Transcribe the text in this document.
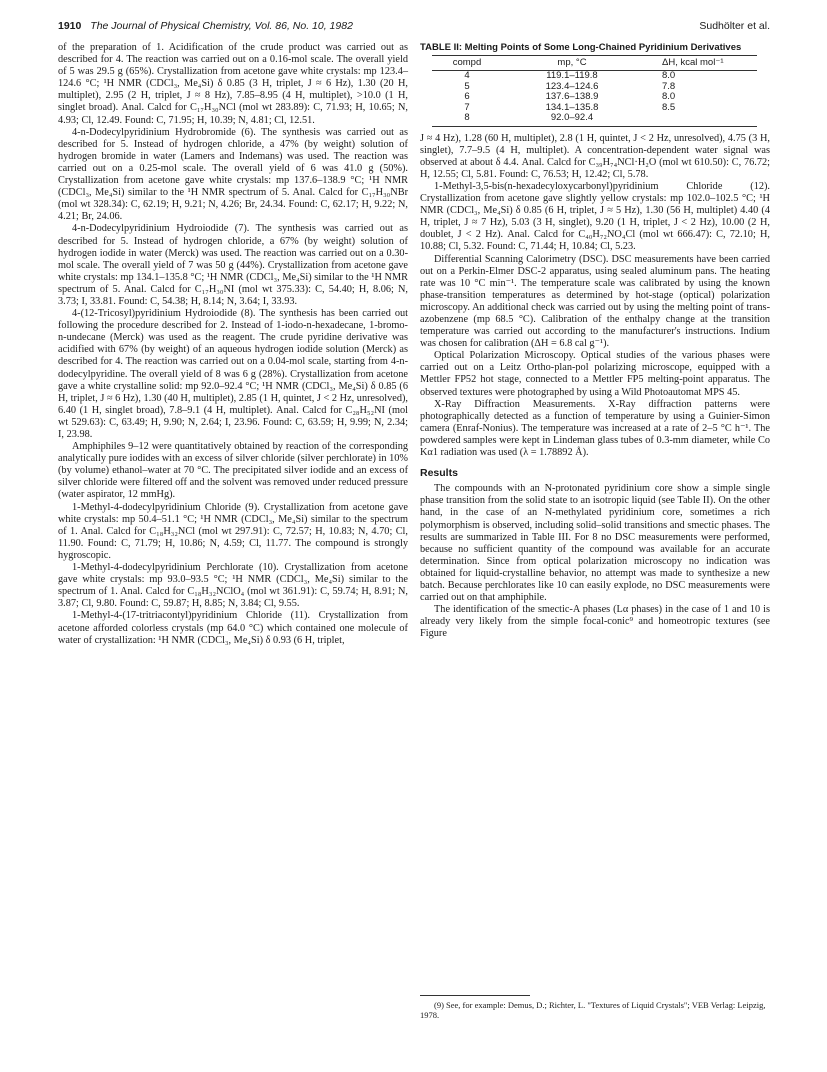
1910 The Journal of Physical Chemistry, Vol. 86, No. 10, 1982	Sudhölter et al.

of the preparation of 1. Acidification of the crude product was carried out as described for 4. The reaction was carried out on a 0.16-mol scale. The overall yield of 5 was 29.5 g (65%). Crystallization from acetone gave white crystals: mp 123.4–124.6 °C; ¹H NMR (CDCl₃, Me₄Si) δ 0.85 (3 H, triplet, J ≈ 6 Hz), 1.30 (20 H, multiplet), 2.95 (2 H, triplet, J ≈ 8 Hz), 7.85–8.95 (4 H, multiplet), >10.0 (1 H, singlet broad). Anal. Calcd for C₁₇H₃₀NCl (mol wt 283.89): C, 71.93; H, 10.65; N, 4.93; Cl, 12.49. Found: C, 71.95; H, 10.39; N, 4.81; Cl, 12.51.

4-n-Dodecylpyridinium Hydrobromide (6). The synthesis was carried out as described for 5. Instead of hydrogen chloride, a 47% (by weight) solution of hydrogen bromide in water (Lamers and Indemans) was used. The reaction was carried out on a 0.25-mol scale. The overall yield of 6 was 41.0 g (50%). Crystallization from acetone gave white crystals: mp 137.6–138.9 °C; ¹H NMR (CDCl₃, Me₄Si) similar to the ¹H NMR spectrum of 5. Anal. Calcd for C₁₇H₃₀NBr (mol wt 328.34): C, 62.19; H, 9.21; N, 4.26; Br, 24.34. Found: C, 62.17; H, 9.22; N, 4.21; Br, 24.06.

4-n-Dodecylpyridinium Hydroiodide (7). The synthesis was carried out as described for 5. Instead of hydrogen chloride, a 67% (by weight) solution of hydrogen iodide in water (Merck) was used. The reaction was carried out on a 0.30-mol scale. The overall yield of 7 was 50 g (44%). Crystallization from acetone gave white crystals: mp 134.1–135.8 °C; ¹H NMR (CDCl₃, Me₄Si) similar to the ¹H NMR spectrum of 5. Anal. Calcd for C₁₇H₃₀NI (mol wt 375.33): C, 54.40; H, 8.06; N, 3.73; I, 33.81. Found: C, 54.38; H, 8.14; N, 3.64; I, 33.93.

4-(12-Tricosyl)pyridinium Hydroiodide (8). The synthesis has been carried out following the procedure described for 2. Instead of 1-iodo-n-hexadecane, 1-bromo-n-undecane (Merck) was used as the reagent. The crude pyridine derivative was acidified with 67% (by weight) of an aqueous hydrogen iodide solution (Merck) as described for 4. The reaction was carried out on a 0.04-mol scale, starting from 4-n-dodecylpyridine. The overall yield of 8 was 6 g (28%). Crystallization from acetone gave a white crystalline solid: mp 92.0–92.4 °C; ¹H NMR (CDCl₃, Me₄Si) δ 0.85 (6 H, triplet, J ≈ 6 Hz), 1.30 (40 H, multiplet), 2.85 (1 H, quintet, J < 2 Hz, unresolved), 6.40 (1 H, singlet broad), 7.8–9.1 (4 H, multiplet). Anal. Calcd for C₂₈H₅₂NI (mol wt 529.63): C, 63.49; H, 9.90; N, 2.64; I, 23.96. Found: C, 63.59; H, 9.99; N, 2.34; I, 23.98.

Amphiphiles 9–12 were quantitatively obtained by reaction of the corresponding analytically pure iodides with an excess of silver chloride (silver perchlorate) in 10% (by volume) ethanol–water at 70 °C. The precipitated silver iodide and an excess of silver chloride were filtered off and the solvent was removed under reduced pressure (water aspirator, 12 mmHg).

1-Methyl-4-dodecylpyridinium Chloride (9). Crystallization from acetone gave white crystals: mp 50.4–51.1 °C; ¹H NMR (CDCl₃, Me₄Si) similar to the spectrum of 1. Anal. Calcd for C₁₈H₃₂NCl (mol wt 297.91): C, 72.57; H, 10.83; N, 4.70; Cl, 11.90. Found: C, 71.79; H, 10.86; N, 4.59; Cl, 11.77. The compound is strongly hygroscopic.

1-Methyl-4-dodecylpyridinium Perchlorate (10). Crystallization from acetone gave white crystals: mp 93.0–93.5 °C; ¹H NMR (CDCl₃, Me₄Si) similar to the spectrum of 1. Anal. Calcd for C₁₈H₃₂NClO₄ (mol wt 361.91): C, 59.74; H, 8.91; N, 3.87; Cl, 9.80. Found: C, 59.87; H, 8.85; N, 3.84; Cl, 9.55.

1-Methyl-4-(17-tritriacontyl)pyridinium Chloride (11). Crystallization from acetone afforded colorless crystals (mp 64.0 °C) which contained one molecule of water of crystallization: ¹H NMR (CDCl₃, Me₄Si) δ 0.93 (6 H, triplet,

TABLE II: Melting Points of Some Long-Chained Pyridinium Derivatives
compd	mp, °C	ΔH, kcal mol⁻¹
4	119.1–119.8	8.0
5	123.4–124.6	7.8
6	137.6–138.9	8.0
7	134.1–135.8	8.5
8	92.0–92.4	

J ≈ 4 Hz), 1.28 (60 H, multiplet), 2.8 (1 H, quintet, J < 2 Hz, unresolved), 4.75 (3 H, singlet), 7.7–9.5 (4 H, multiplet). A concentration-dependent water signal was observed at about δ 4.4. Anal. Calcd for C₃₉H₇₄NCl·H₂O (mol wt 610.50): C, 76.72; H, 12.55; Cl, 5.81. Found: C, 76.53; H, 12.42; Cl, 5.78.

1-Methyl-3,5-bis(n-hexadecyloxycarbonyl)pyridinium Chloride (12). Crystallization from acetone gave slightly yellow crystals: mp 102.0–102.5 °C; ¹H NMR (CDCl₃, Me₄Si) δ 0.85 (6 H, triplet, J ≈ 5 Hz), 1.30 (56 H, multiplet) 4.40 (4 H, triplet, J ≈ 7 Hz), 5.03 (3 H, singlet), 9.20 (1 H, triplet, J < 2 Hz), 10.00 (2 H, doublet, J < 2 Hz). Anal. Calcd for C₄₀H₇₂NO₄Cl (mol wt 666.47): C, 72.10; H, 10.88; Cl, 5.32. Found: C, 71.44; H, 10.84; Cl, 5.23.

Differential Scanning Calorimetry (DSC). DSC measurements have been carried out on a Perkin-Elmer DSC-2 apparatus, using sealed aluminum pans. The heating rate was 10 °C min⁻¹. The temperature scale was calibrated by using the known phase-transition temperatures as determined by hot-stage (optical) polarization microscopy. An additional check was carried out by using the melting point of trans-azobenzene (mp 68.5 °C). Calibration of the enthalpy change at the transition temperature was carried out according to the manufacturer's instructions. Indium was chosen for calibration (ΔH = 6.8 cal g⁻¹).

Optical Polarization Microscopy. Optical studies of the various phases were carried out on a Leitz Ortho-plan-pol polarizing microscope, equipped with a Mettler FP52 hot stage, connected to a Mettler FP5 melting-point apparatus. The observed textures were photographed by using a Wild Photoautomat MPS 45.

X-Ray Diffraction Measurements. X-Ray diffraction patterns were photographically detected as a function of temperature by using a Guinier-Simon camera (Enraf-Nonius). The temperature was increased at a rate of 2–5 °C h⁻¹. The powdered samples were kept in Lindeman glass tubes of 0.3-mm diameter, while Co Kα1 radiation was used (λ = 1.78892 Å).

Results

The compounds with an N-protonated pyridinium core show a simple single phase transition from the solid state to an isotropic liquid (see Table II). On the other hand, in the case of an N-methylated pyridinium core, sometimes a rich polymorphism is observed, including solid–solid transitions and smectic phases. The results are summarized in Table III. For 8 no DSC measurements were performed, because no sufficient quantity of the compound was available for an accurate determination. Since from optical polarization microscopy no indication was obtained for liquid-crystalline behavior, no attempt was made to synthesize a new batch. Because perchlorates like 10 can easily explode, no DSC measurements were carried out on that amphiphile.

The identification of the smectic-A phases (Lα phases) in the case of 1 and 10 is already very likely from the simple focal-conic⁹ and homeotropic textures (see Figure

(9) See, for example: Demus, D.; Richter, L. "Textures of Liquid Crystals"; VEB Verlag: Leipzig, 1978.
